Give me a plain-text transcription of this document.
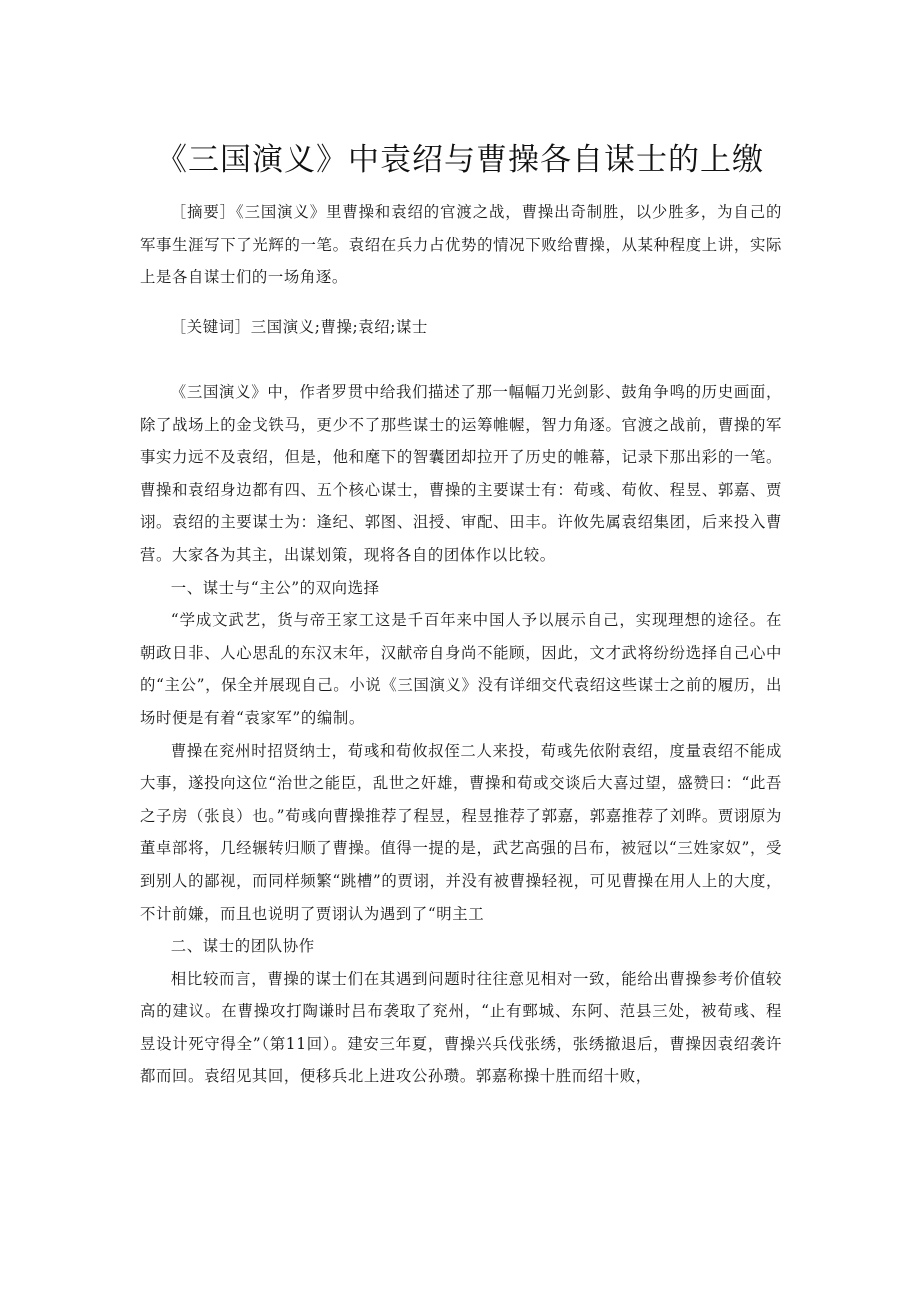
《三国演义》中袁绍与曹操各自谋士的上缴

［摘要］《三国演义》里曹操和袁绍的官渡之战，曹操出奇制胜，以少胜多，为自己的军事生涯写下了光辉的一笔。袁绍在兵力占优势的情况下败给曹操，从某种程度上讲，实际上是各自谋士们的一场角逐。

［关键词］三国演义;曹操;袁绍;谋士

《三国演义》中，作者罗贯中给我们描述了那一幅幅刀光剑影、鼓角争鸣的历史画面，除了战场上的金戈铁马，更少不了那些谋士的运筹帷幄，智力角逐。官渡之战前，曹操的军事实力远不及袁绍，但是，他和麾下的智囊团却拉开了历史的帷幕，记录下那出彩的一笔。曹操和袁绍身边都有四、五个核心谋士，曹操的主要谋士有：荀彧、荀攸、程昱、郭嘉、贾诩。袁绍的主要谋士为：逢纪、郭图、沮授、审配、田丰。许攸先属袁绍集团，后来投入曹营。大家各为其主，出谋划策，现将各自的团体作以比较。

一、谋士与“主公”的双向选择

“学成文武艺，货与帝王家工这是千百年来中国人予以展示自己，实现理想的途径。在朝政日非、人心思乱的东汉末年，汉献帝自身尚不能顾，因此，文才武将纷纷选择自己心中的“主公”，保全并展现自己。小说《三国演义》没有详细交代袁绍这些谋士之前的履历，出场时便是有着“袁家军”的编制。

曹操在兖州时招贤纳士，荀彧和荀攸叔侄二人来投，荀彧先依附袁绍，度量袁绍不能成大事，遂投向这位“治世之能臣，乱世之奸雄，曹操和荀或交谈后大喜过望，盛赞曰：“此吾之子房（张良）也。”荀彧向曹操推荐了程昱，程昱推荐了郭嘉，郭嘉推荐了刘晔。贾诩原为董卓部将，几经辗转归顺了曹操。值得一提的是，武艺高强的吕布，被冠以“三姓家奴”，受到别人的鄙视，而同样频繁“跳槽”的贾诩，并没有被曹操轻视，可见曹操在用人上的大度，不计前嫌，而且也说明了贾诩认为遇到了“明主工

二、谋士的团队协作

相比较而言，曹操的谋士们在其遇到问题时往往意见相对一致，能给出曹操参考价值较高的建议。在曹操攻打陶谦时吕布袭取了兖州，“止有鄄城、东阿、范县三处，被荀彧、程昱设计死守得全”（第11回）。建安三年夏，曹操兴兵伐张绣，张绣撤退后，曹操因袁绍袭许都而回。袁绍见其回，便移兵北上进攻公孙瓒。郭嘉称操十胜而绍十败，
